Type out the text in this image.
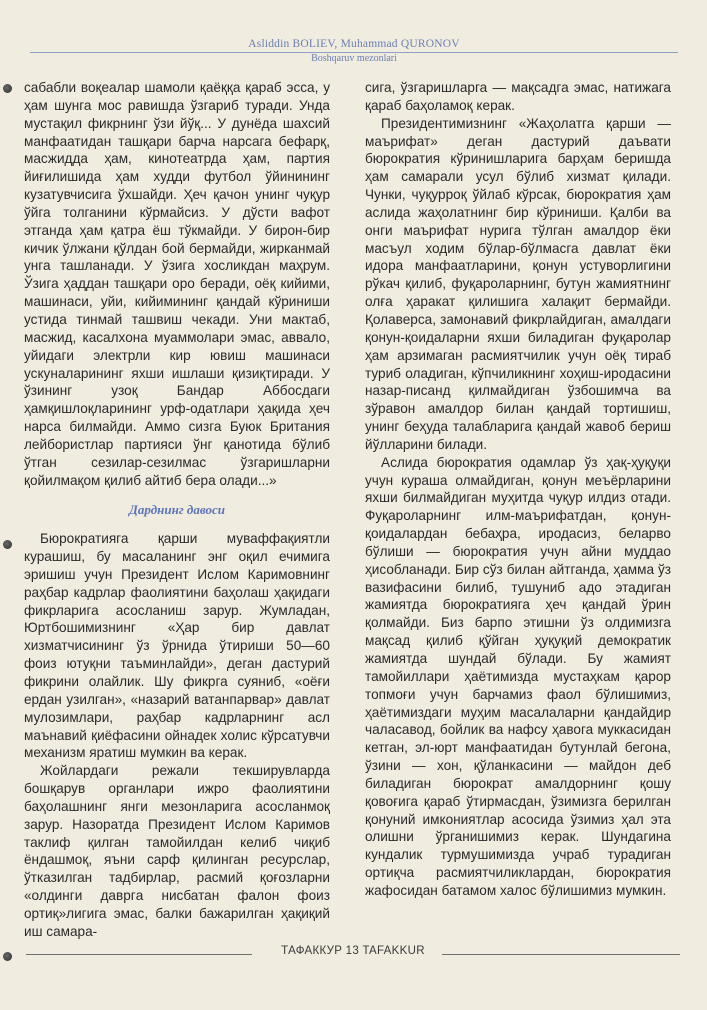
Asliddin BOLIEV, Muhammad QURONOV
Boshqaruv mezonlari

сабабли воқеалар шамоли қаёққа қараб эсса, у ҳам шунга мос равишда ўзгариб туради. Унда мустақил фикрнинг ўзи йўқ... У дунёда шахсий манфаатидан ташқари барча нарсага бефарқ, масжидда ҳам, кинотеатрда ҳам, партия йиғилишида ҳам худди футбол ўйинининг кузатувчисига ўхшайди. Ҳеч қачон унинг чуқур ўйга толганини кўрмайсиз. У дўсти вафот этганда ҳам қатра ёш тўкмайди. У бирон-бир кичик ўлжани қўлдан бой бермайди, жирканмай унга ташланади. У ўзига хосликдан маҳрум. Ўзига ҳаддан ташқари оро беради, оёқ кийими, машинаси, уйи, кийимининг қандай кўриниши устида тинмай ташвиш чекади. Уни мактаб, масжид, касалхона муаммолари эмас, аввало, уйидаги электрли кир ювиш машинаси ускуналарининг яхши ишлаши қизиқтиради. У ўзининг узоқ Бандар Аббосдаги ҳамқишлоқларининг урф-одатлари ҳақида ҳеч нарса билмайди. Аммо сизга Буюк Британия лейбористлар партияси ўнг қанотида бўлиб ўтган сезилар-сезилмас ўзгаришларни қойилмақом қилиб айтиб бера олади...»

Дарднинг давоси

Бюрократияга қарши муваффақиятли курашиш, бу масаланинг энг оқил ечимига эришиш учун Президент Ислом Каримовнинг раҳбар кадрлар фаолиятини баҳолаш ҳақидаги фикрларига асосланиш зарур. Жумладан, Юртбошимизнинг «Ҳар бир давлат хизматчисининг ўз ўрнида ўтириши 50—60 фоиз ютуқни таъминлайди», деган дастурий фикрини олайлик. Шу фикрга суяниб, «оёғи ердан узилган», «назарий ватанпарвар» давлат мулозимлари, раҳбар кадрларнинг асл маънавий қиёфасини ойнадек холис кўрсатувчи механизм яратиш мумкин ва керак.

Жойлардаги режали текширувларда бошқарув органлари ижро фаолиятини баҳолашнинг янги мезонларига асосланмоқ зарур. Назоратда Президент Ислом Каримов таклиф қилган тамойилдан келиб чиқиб ёндашмоқ, яъни сарф қилинган ресурслар, ўтказилган тадбирлар, расмий қоғозларни «олдинги давргa нисбатан фалон фоиз ортиқ»лигига эмас, балки бажарилган ҳақиқий иш самара-

сига, ўзгаришларга — мақсадга эмас, натижага қараб баҳоламоқ керак.

Президентимизнинг «Жаҳолатга қарши — маърифат» деган дастурий даъвати бюрократия кўринишларига барҳам беришда ҳам самарали усул бўлиб хизмат қилади. Чунки, чуқурроқ ўйлаб кўрсак, бюрократия ҳам аслида жаҳолатнинг бир кўриниши. Қалби ва онги маърифат нурига тўлган амалдор ёки масъул ходим бўлар-бўлмасга давлат ёки идора манфаатларини, қонун устуворлигини рўкач қилиб, фуқароларнинг, бутун жамиятнинг олға ҳаракат қилишига халақит бермайди. Қолаверса, замонавий фикрлайдиган, амалдаги қонун-қоидаларни яхши биладиган фуқаролар ҳам арзимаган расмиятчилик учун оёқ тираб туриб оладиган, кўпчиликнинг хоҳиш-иродасини назар-писанд қилмайдиган ўзбошимча ва зўравон амалдор билан қандай тортишиш, унинг беҳуда талабларига қандай жавоб бериш йўлларини билади.

Аслида бюрократия одамлар ўз ҳақ-ҳуқуқи учун кураша олмайдиган, қонун меъёрларини яхши билмайдиган муҳитда чуқур илдиз отади. Фуқароларнинг илм-маърифатдан, қонун-қоидалардан бебаҳра, иродасиз, беларво бўлиши — бюрократия учун айни муддао ҳисобланади. Бир сўз билан айтганда, ҳамма ўз вазифасини билиб, тушуниб адо этадиган жамиятда бюрократияга ҳеч қандай ўрин қолмайди. Биз барпо этишни ўз олдимизга мақсад қилиб қўйган ҳуқуқий демократик жамиятда шундай бўлади. Бу жамият тамойиллари ҳаётимизда мустаҳкам қарор топмоғи учун барчамиз фаол бўлишимиз, ҳаётимиздаги муҳим масалаларни қандайдир чаласавод, бойлик ва нафсу ҳавога муккасидан кетган, эл-юрт манфаатидан бутунлай бегона, ўзини — хон, қўланкасини — майдон деб биладиган бюрократ амалдорнинг қошу қовоғига қараб ўтирмасдан, ўзимизга берилган қонуний имкониятлар асосида ўзимиз ҳал эта олишни ўрганишимиз керак. Шундагина кундалик турмушимизда учраб турадиган ортиқча расмиятчиликлардан, бюрократия жафосидан батамом халос бўлишимиз мумкин.

ТАФАККУР 13 TAFAKKUR
